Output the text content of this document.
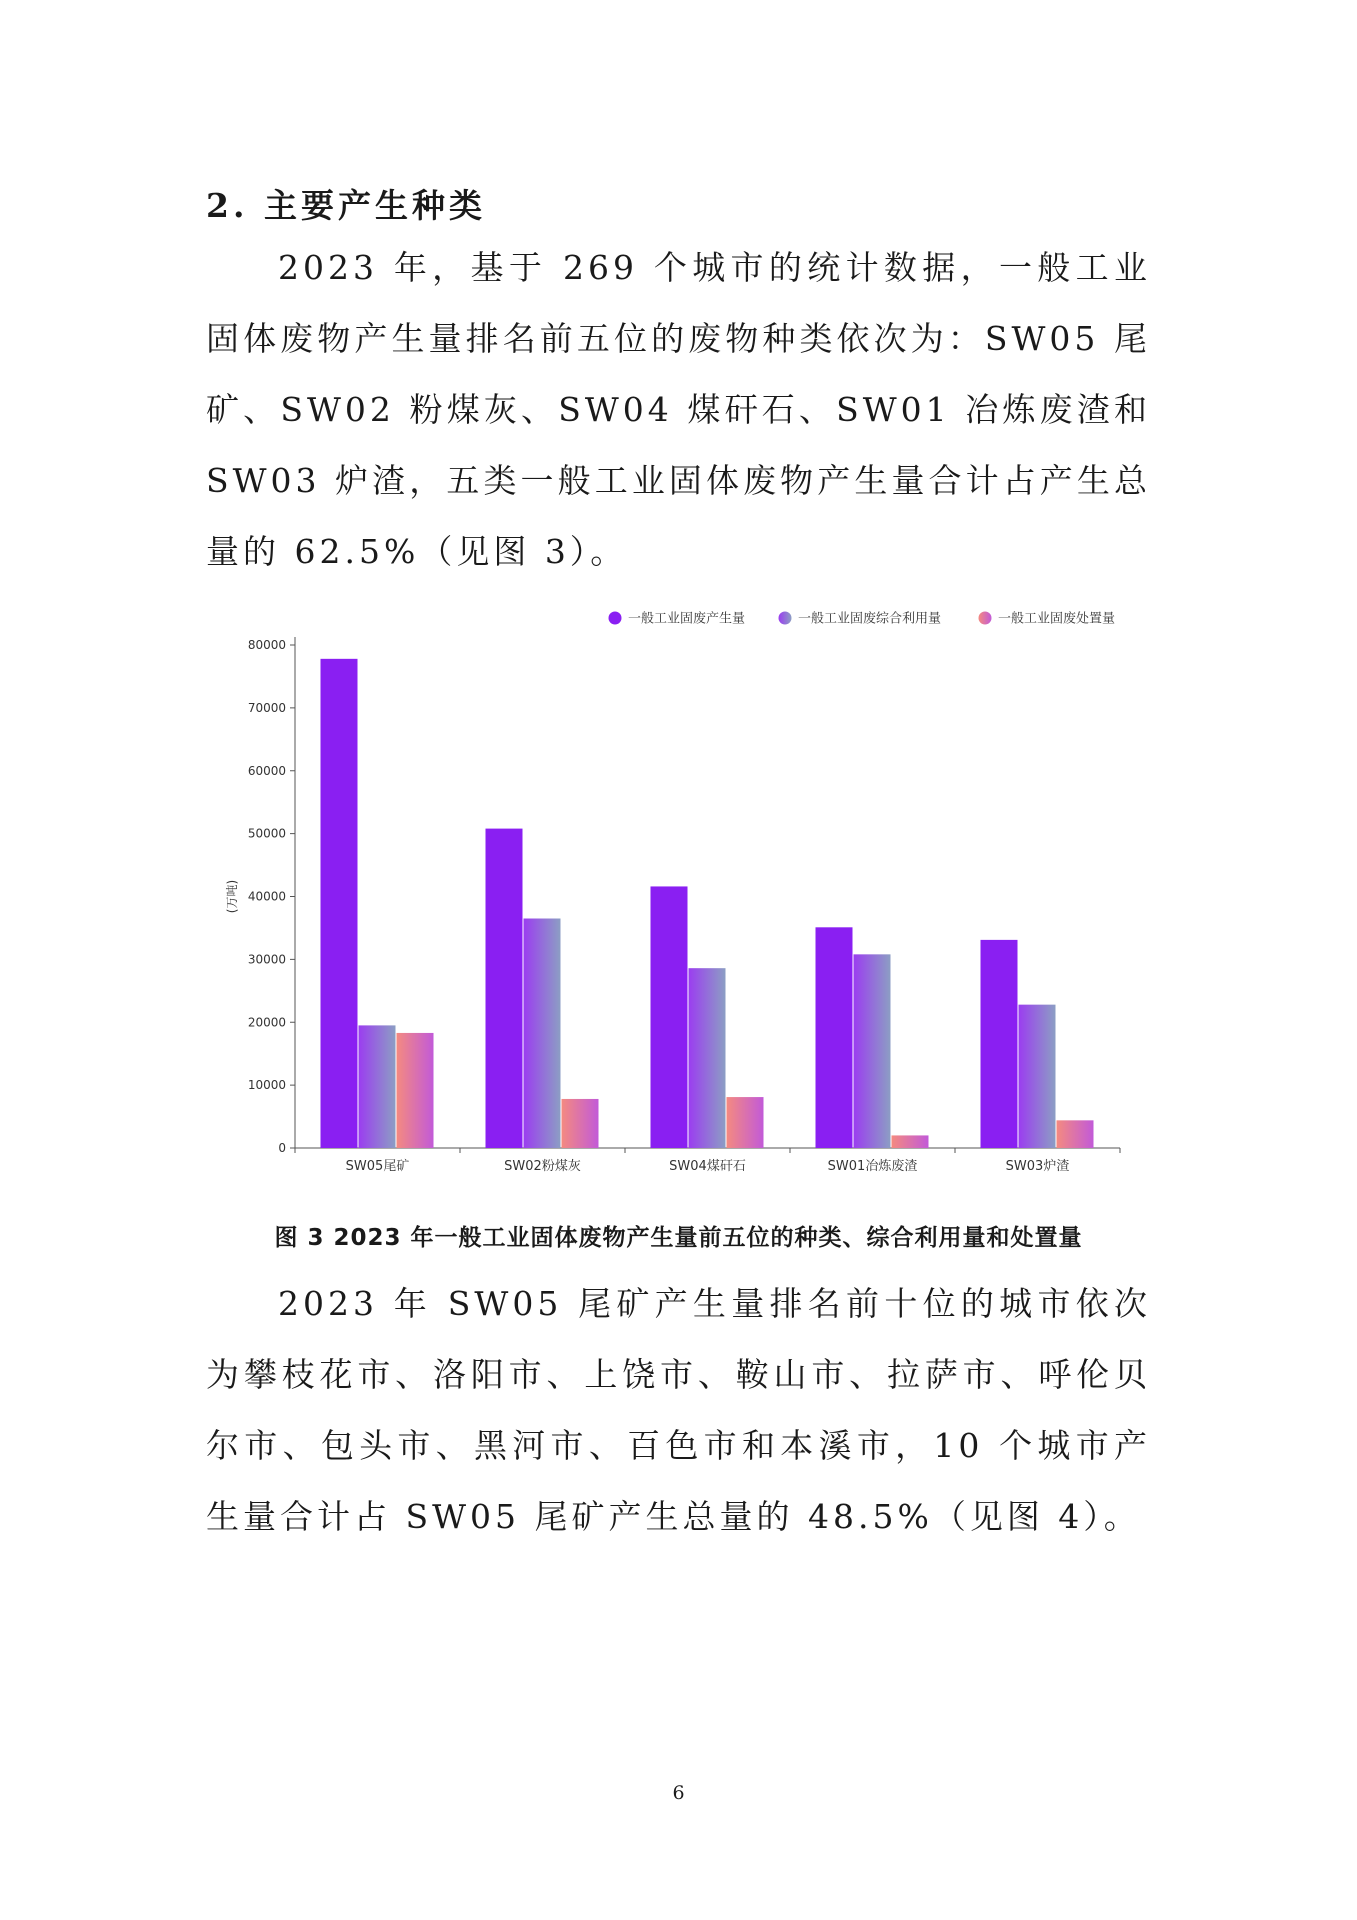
2. 主要产生种类

2023 年，基于 269 个城市的统计数据，一般工业固体废物产生量排名前五位的废物种类依次为：SW05 尾矿、SW02 粉煤灰、SW04 煤矸石、SW01 冶炼废渣和 SW03 炉渣，五类一般工业固体废物产生量合计占产生总量的 62.5%（见图 3）。

0
10000
20000
30000
40000
50000
60000
70000
80000
(万吨)
SW05尾矿	SW02粉煤灰	SW04煤矸石	SW01冶炼废渣	SW03炉渣
一般工业固废产生量	一般工业固废综合利用量	一般工业固废处置量

图 3 2023 年一般工业固体废物产生量前五位的种类、综合利用量和处置量

2023 年 SW05 尾矿产生量排名前十位的城市依次为攀枝花市、洛阳市、上饶市、鞍山市、拉萨市、呼伦贝尔市、包头市、黑河市、百色市和本溪市，10 个城市产生量合计占 SW05 尾矿产生总量的 48.5%（见图 4）。

6
